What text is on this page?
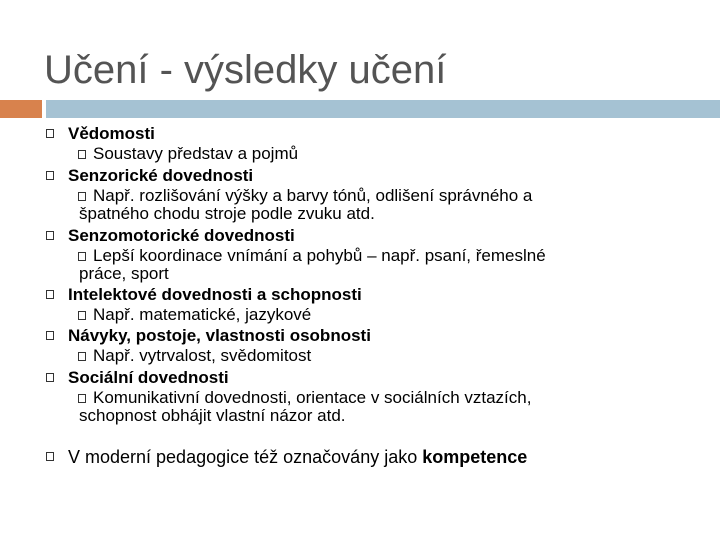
Učení - výsledky učení
Vědomosti
Soustavy představ a pojmů
Senzorické dovednosti
Např. rozlišování výšky a barvy tónů, odlišení správného a
špatného chodu stroje podle zvuku atd.
Senzomotorické dovednosti
Lepší koordinace vnímání a pohybů – např. psaní, řemeslné
práce, sport
Intelektové dovednosti a schopnosti
Např. matematické, jazykové
Návyky, postoje, vlastnosti osobnosti
Např. vytrvalost, svědomitost
Sociální dovednosti
Komunikativní dovednosti, orientace v sociálních vztazích,
schopnost obhájit vlastní názor atd.
V moderní pedagogice též označovány jako kompetence
